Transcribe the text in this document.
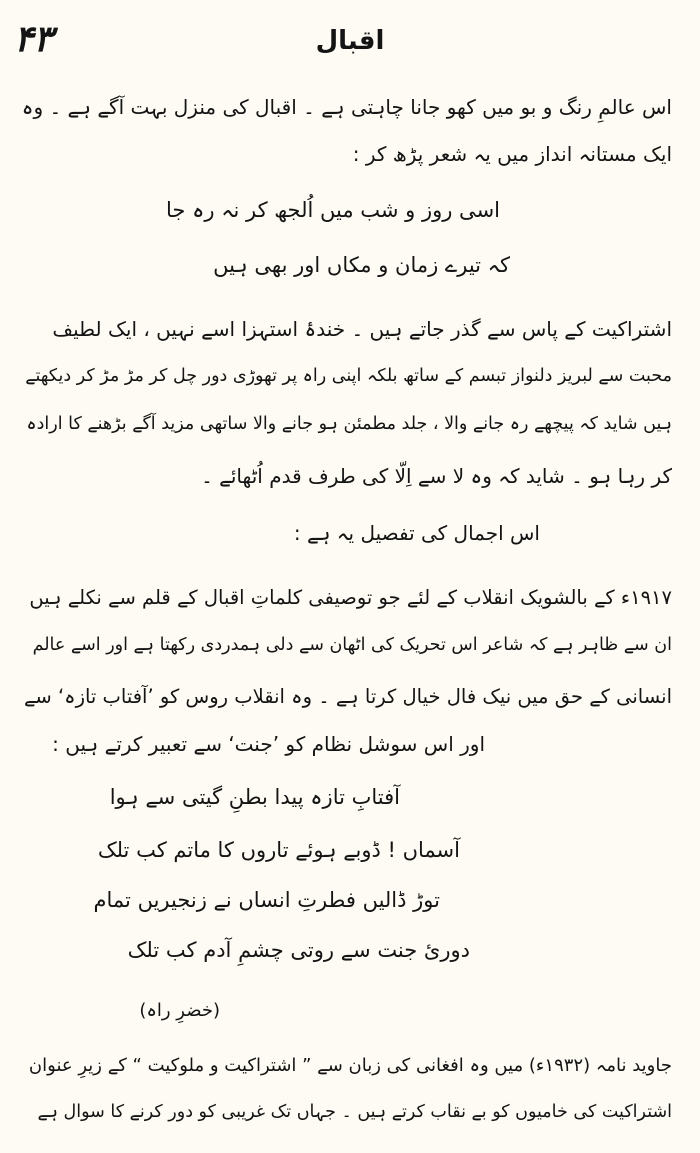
۴۳	اقبال
اس عالمِ رنگ و بو میں کھو جانا چاہتی ہے ۔ اقبال کی منزل بہت آگے ہے ۔ وہ
ایک مستانہ انداز میں یہ شعر پڑھ کر :
اسی روز و شب میں اُلجھ کر نہ رہ جا
کہ تیرے زمان و مکاں اور بھی ہیں
اشتراکیت کے پاس سے گذر جاتے ہیں ۔ خندۂ استہزا اسے نہیں ، ایک لطیف
محبت سے لبریز دلنواز تبسم کے ساتھ بلکہ اپنی راہ پر تھوڑی دور چل کر مڑ مڑ کر دیکھتے
ہیں شاید کہ پیچھے رہ جانے والا ، جلد مطمئن ہو جانے والا ساتھی مزید آگے بڑھنے کا ارادہ
کر رہا ہو ۔ شاید کہ وہ لا سے اِلّا کی طرف قدم اُٹھائے ۔
اس اجمال کی تفصیل یہ ہے :
۱۹۱۷ء کے بالشویک انقلاب کے لئے جو توصیفی کلماتِ اقبال کے قلم سے نکلے ہیں
ان سے ظاہر ہے کہ شاعر اس تحریک کی اٹھان سے دلی ہمدردی رکھتا ہے اور اسے عالم
انسانی کے حق میں نیک فال خیال کرتا ہے ۔ وہ انقلاب روس کو ’آفتاب تازہ‘ سے
اور اس سوشل نظام کو ’جنت‘ سے تعبیر کرتے ہیں :
آفتابِ تازہ پیدا بطنِ گیتی سے ہوا
آسماں ! ڈوبے ہوئے تاروں کا ماتم کب تلک
توڑ ڈالیں فطرتِ انساں نے زنجیریں تمام
دوریٔ جنت سے روتی چشمِ آدم کب تلک
(خضرِ راہ)
جاوید نامہ (۱۹۳۲ء) میں وہ افغانی کی زبان سے ” اشتراکیت و ملوکیت “ کے زیرِ عنوان
اشتراکیت کی خامیوں کو بے نقاب کرتے ہیں ۔ جہاں تک غریبی کو دور کرنے کا سوال ہے
